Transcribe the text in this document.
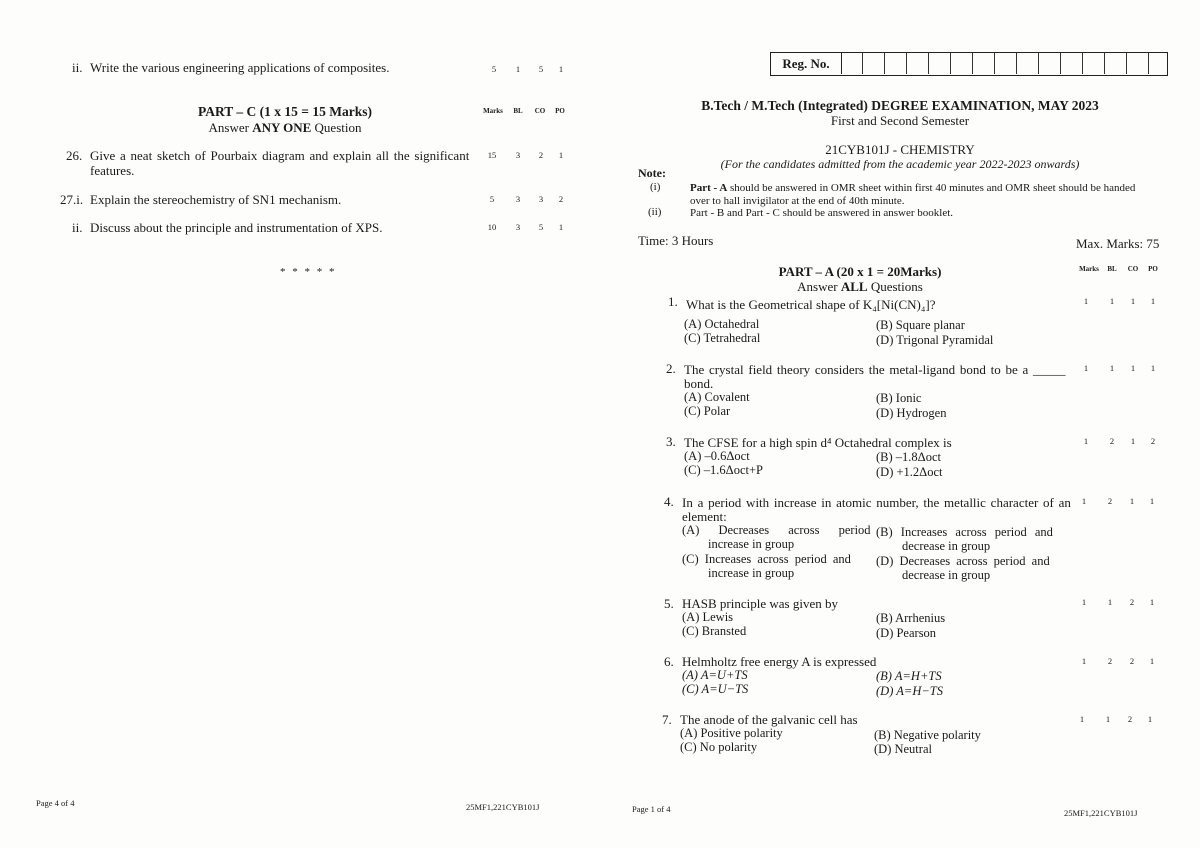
ii. Write the various engineering applications of composites.	5	1	5	1
PART – C (1 x 15 = 15 Marks)
Answer ANY ONE Question
Marks	BL CO PO
26. Give a neat sketch of Pourbaix diagram and explain all the significant
features.
15	3	2	1
27.i. Explain the stereochemistry of SN1 mechanism.	5	3	3	2
ii. Discuss about the principle and instrumentation of XPS.	10	3	5	1
* * * * *
Page 4 of 4	25MF1,221CYB101J
Reg. No.
B.Tech / M.Tech (Integrated) DEGREE EXAMINATION, MAY 2023
First and Second Semester
21CYB101J - CHEMISTRY
(For the candidates admitted from the academic year 2022-2023 onwards)
Note:
(i)	Part - A should be answered in OMR sheet within first 40 minutes and OMR sheet should be handed
over to hall invigilator at the end of 40th minute.
(ii)	Part - B and Part - C should be answered in answer booklet.
Time: 3 Hours	Max. Marks: 75
PART – A (20 x 1 = 20Marks)
Answer ALL Questions
Marks	BL CO PO
1. What is the Geometrical shape of K₄[Ni(CN)₄]?
(A) Octahedral	(B) Square planar
(C) Tetrahedral	(D) Trigonal Pyramidal
1	1	1	1
2. The crystal field theory considers the metal-ligand bond to be a _____
bond.
(A) Covalent	(B) Ionic
(C) Polar	(D) Hydrogen
1	1	1	1
3. The CFSE for a high spin d⁴ Octahedral complex is
(A) –0.6Δoct	(B) –1.8Δoct
(C) –1.6Δoct+P	(D) +1.2Δoct
1	2	1	2
4. In a period with increase in atomic number, the metallic character of an
element:
(A) Decreases across period
increase in group
(B) Increases across period and
decrease in group
(C) Increases across period and
increase in group
(D) Decreases across period and
decrease in group
1	2	1	1
5. HASB principle was given by
(A) Lewis	(B) Arrhenius
(C) Bransted	(D) Pearson
1	1	2	1
6. Helmholtz free energy A is expressed
(A) A=U+TS	(B) A=H+TS
(C) A=U−TS	(D) A=H−TS
1	2	2	1
7. The anode of the galvanic cell has
(A) Positive polarity	(B) Negative polarity
(C) No polarity	(D) Neutral
1	1	2	1
Page 1 of 4	25MF1,221CYB101J
